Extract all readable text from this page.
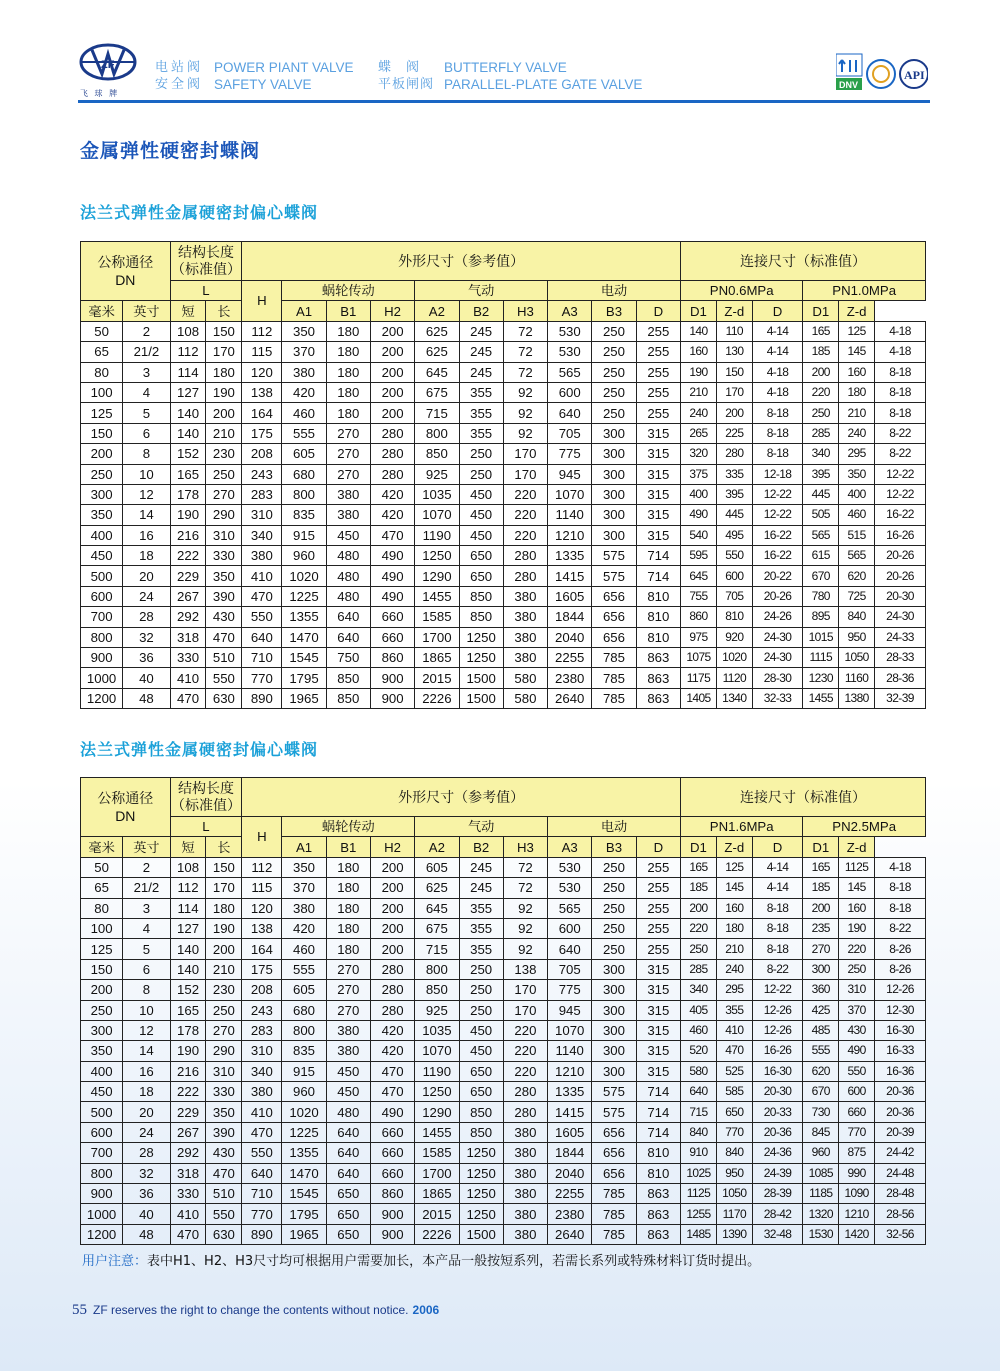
ZF
飞 球 牌
电站阀
安全阀
POWER PIANT VALVE
SAFETY VALVE
蝶　阀
平板闸阀
BUTTERFLY VALVE
PARALLEL-PLATE GATE VALVE	DNV
API
金属弹性硬密封蝶阀
法兰式弹性金属硬密封偏心蝶阀
公称通径
DN		结构长度（标准值）		外形尺寸（参考值）										连接尺寸（标准值）					

		L		H	蜗轮传动			气动			电动			PN0.6MPa			PN1.0MPa		
毫米	英寸	短	长		A1	B1	H2	A2	B2	H3	A3	B3	D	D1	Z-d	D	D1	Z-d	
50	2	108	150	112	350	180	200	625	245	72	530	250	255	140	110	4-14	165	125	4-18
65	21/2	112	170	115	370	180	200	625	245	72	530	250	255	160	130	4-14	185	145	4-18
80	3	114	180	120	380	180	200	645	245	72	565	250	255	190	150	4-18	200	160	8-18
100	4	127	190	138	420	180	200	675	355	92	600	250	255	210	170	4-18	220	180	8-18
125	5	140	200	164	460	180	200	715	355	92	640	250	255	240	200	8-18	250	210	8-18
150	6	140	210	175	555	270	280	800	355	92	705	300	315	265	225	8-18	285	240	8-22
200	8	152	230	208	605	270	280	850	250	170	775	300	315	320	280	8-18	340	295	8-22
250	10	165	250	243	680	270	280	925	250	170	945	300	315	375	335	12-18	395	350	12-22
300	12	178	270	283	800	380	420	1035	450	220	1070	300	315	400	395	12-22	445	400	12-22
350	14	190	290	310	835	380	420	1070	450	220	1140	300	315	490	445	12-22	505	460	16-22
400	16	216	310	340	915	450	470	1190	450	220	1210	300	315	540	495	16-22	565	515	16-26
450	18	222	330	380	960	480	490	1250	650	280	1335	575	714	595	550	16-22	615	565	20-26
500	20	229	350	410	1020	480	490	1290	650	280	1415	575	714	645	600	20-22	670	620	20-26
600	24	267	390	470	1225	480	490	1455	850	380	1605	656	810	755	705	20-26	780	725	20-30
700	28	292	430	550	1355	640	660	1585	850	380	1844	656	810	860	810	24-26	895	840	24-30
800	32	318	470	640	1470	640	660	1700	1250	380	2040	656	810	975	920	24-30	1015	950	24-33
900	36	330	510	710	1545	750	860	1865	1250	380	2255	785	863	1075	1020	24-30	1115	1050	28-33
1000	40	410	550	770	1795	850	900	2015	1500	580	2380	785	863	1175	1120	28-30	1230	1160	28-36
1200	48	470	630	890	1965	850	900	2226	1500	580	2640	785	863	1405	1340	32-33	1455	1380	32-39
法兰式弹性金属硬密封偏心蝶阀
公称通径
DN		结构长度（标准值）		外形尺寸（参考值）										连接尺寸（标准值）					

		L		H	蜗轮传动			气动			电动			PN1.6MPa			PN2.5MPa		
毫米	英寸	短	长		A1	B1	H2	A2	B2	H3	A3	B3	D	D1	Z-d	D	D1	Z-d	
50	2	108	150	112	350	180	200	605	245	72	530	250	255	165	125	4-14	165	1125	4-18
65	21/2	112	170	115	370	180	200	625	245	72	530	250	255	185	145	4-14	185	145	8-18
80	3	114	180	120	380	180	200	645	355	92	565	250	255	200	160	8-18	200	160	8-18
100	4	127	190	138	420	180	200	675	355	92	600	250	255	220	180	8-18	235	190	8-22
125	5	140	200	164	460	180	200	715	355	92	640	250	255	250	210	8-18	270	220	8-26
150	6	140	210	175	555	270	280	800	250	138	705	300	315	285	240	8-22	300	250	8-26
200	8	152	230	208	605	270	280	850	250	170	775	300	315	340	295	12-22	360	310	12-26
250	10	165	250	243	680	270	280	925	250	170	945	300	315	405	355	12-26	425	370	12-30
300	12	178	270	283	800	380	420	1035	450	220	1070	300	315	460	410	12-26	485	430	16-30
350	14	190	290	310	835	380	420	1070	450	220	1140	300	315	520	470	16-26	555	490	16-33
400	16	216	310	340	915	450	470	1190	650	220	1210	300	315	580	525	16-30	620	550	16-36
450	18	222	330	380	960	450	470	1250	650	280	1335	575	714	640	585	20-30	670	600	20-36
500	20	229	350	410	1020	480	490	1290	850	280	1415	575	714	715	650	20-33	730	660	20-36
600	24	267	390	470	1225	640	660	1455	850	380	1605	656	714	840	770	20-36	845	770	20-39
700	28	292	430	550	1355	640	660	1585	1250	380	1844	656	810	910	840	24-36	960	875	24-42
800	32	318	470	640	1470	640	660	1700	1250	380	2040	656	810	1025	950	24-39	1085	990	24-48
900	36	330	510	710	1545	650	860	1865	1250	380	2255	785	863	1125	1050	28-39	1185	1090	28-48
1000	40	410	550	770	1795	650	900	2015	1250	380	2380	785	863	1255	1170	28-42	1320	1210	28-56
1200	48	470	630	890	1965	650	900	2226	1500	380	2640	785	863	1485	1390	32-48	1530	1420	32-56
用户注意：表中H1、H2、H3尺寸均可根据用户需要加长，本产品一般按短系列，若需长系列或特殊材料订货时提出。
55 ZF reserves the right to change the contents without notice. 2006
